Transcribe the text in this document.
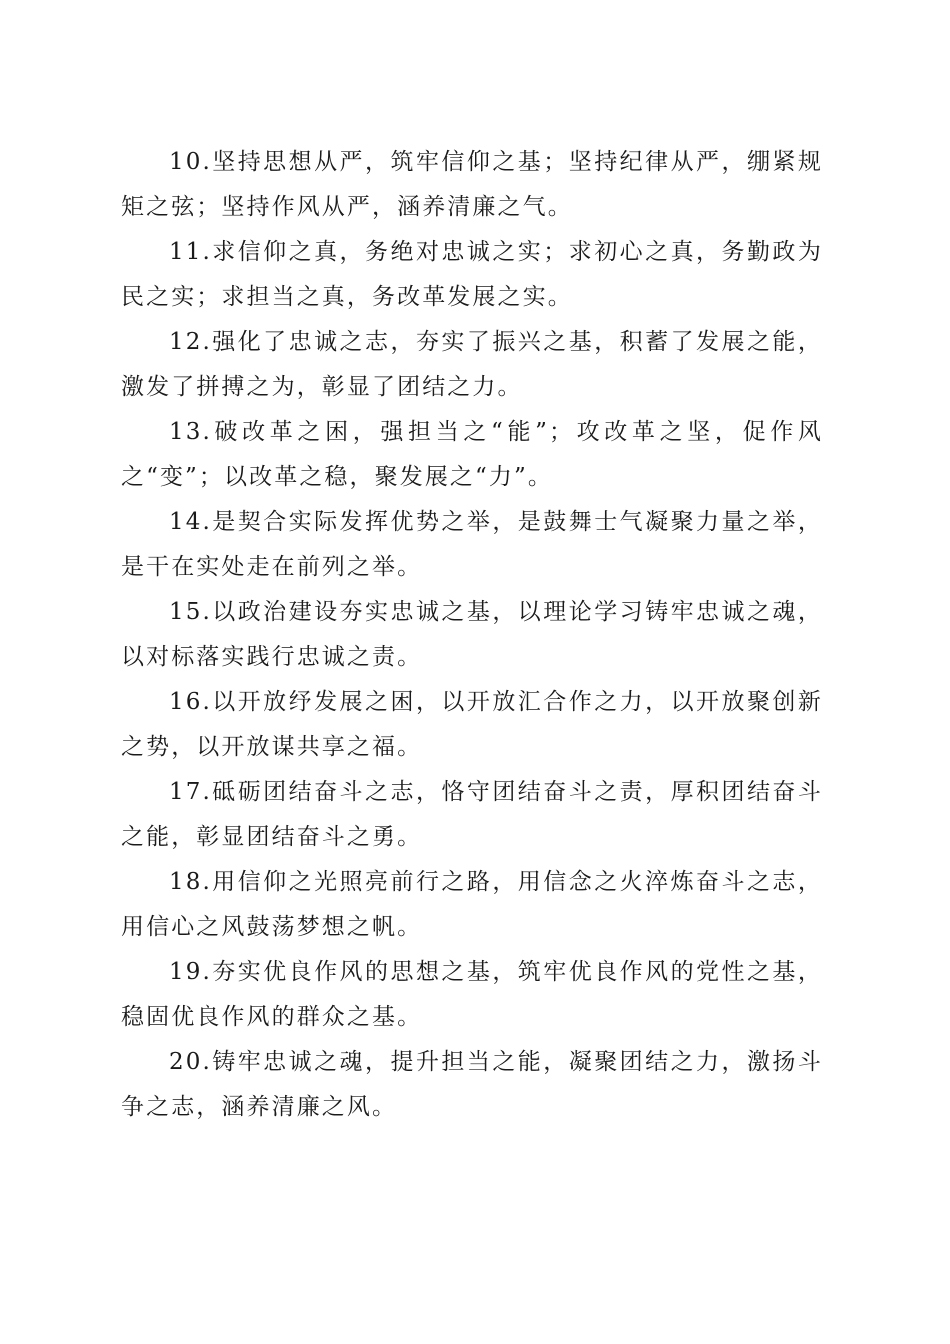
10.坚持思想从严，筑牢信仰之基；坚持纪律从严，绷紧规矩之弦；坚持作风从严，涵养清廉之气。

11.求信仰之真，务绝对忠诚之实；求初心之真，务勤政为民之实；求担当之真，务改革发展之实。

12.强化了忠诚之志，夯实了振兴之基，积蓄了发展之能，激发了拼搏之为，彰显了团结之力。

13.破改革之困，强担当之“能”；攻改革之坚，促作风之“变”；以改革之稳，聚发展之“力”。

14.是契合实际发挥优势之举，是鼓舞士气凝聚力量之举，是干在实处走在前列之举。

15.以政治建设夯实忠诚之基，以理论学习铸牢忠诚之魂，以对标落实践行忠诚之责。

16.以开放纾发展之困，以开放汇合作之力，以开放聚创新之势，以开放谋共享之福。

17.砥砺团结奋斗之志，恪守团结奋斗之责，厚积团结奋斗之能，彰显团结奋斗之勇。

18.用信仰之光照亮前行之路，用信念之火淬炼奋斗之志，用信心之风鼓荡梦想之帆。

19.夯实优良作风的思想之基，筑牢优良作风的党性之基，稳固优良作风的群众之基。

20.铸牢忠诚之魂，提升担当之能，凝聚团结之力，激扬斗争之志，涵养清廉之风。
